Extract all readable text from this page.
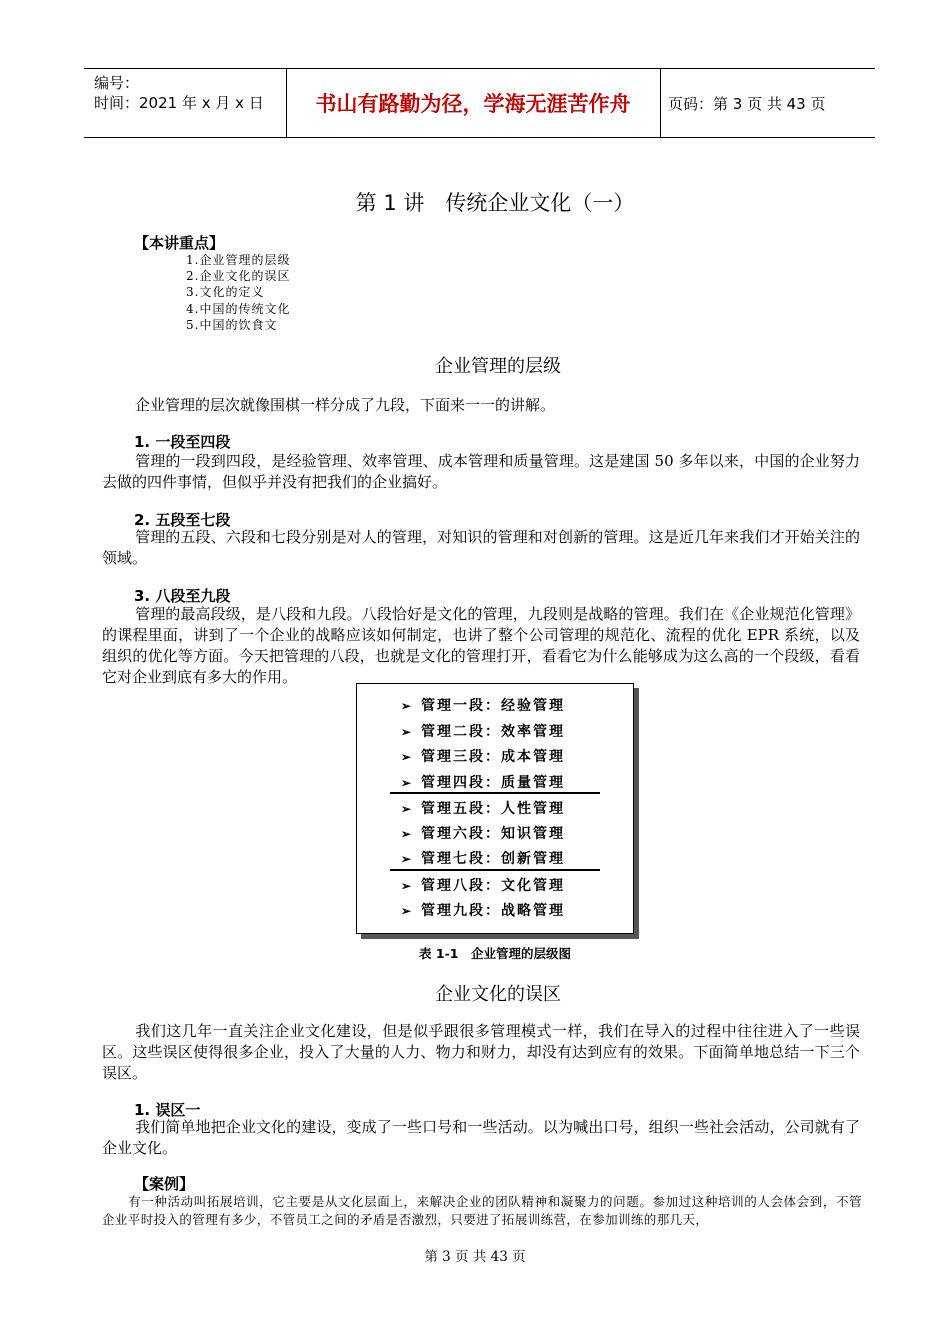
编号：
时间：2021 年 x 月 x 日	书山有路勤为径，学海无涯苦作舟	页码：第 3 页 共 43 页
第 1 讲　传统企业文化（一）
【本讲重点】
1.企业管理的层级
2.企业文化的误区
3.文化的定义
4.中国的传统文化
5.中国的饮食文
企业管理的层级
企业管理的层次就像围棋一样分成了九段，下面来一一的讲解。
1. 一段至四段
管理的一段到四段，是经验管理、效率管理、成本管理和质量管理。这是建国 50 多年以来，中国的企业努力去做的四件事情，但似乎并没有把我们的企业搞好。
2. 五段至七段
管理的五段、六段和七段分别是对人的管理，对知识的管理和对创新的管理。这是近几年来我们才开始关注的领域。
3. 八段至九段
管理的最高段级，是八段和九段。八段恰好是文化的管理，九段则是战略的管理。我们在《企业规范化管理》的课程里面，讲到了一个企业的战略应该如何制定，也讲了整个公司管理的规范化、流程的优化 EPR 系统，以及组织的优化等方面。今天把管理的八段，也就是文化的管理打开，看看它为什么能够成为这么高的一个段级，看看它对企业到底有多大的作用。
➢ 管理一段：经验管理
➢ 管理二段：效率管理
➢ 管理三段：成本管理
➢ 管理四段：质量管理
➢ 管理五段：人性管理
➢ 管理六段：知识管理
➢ 管理七段：创新管理
➢ 管理八段：文化管理
➢ 管理九段：战略管理
表 1-1　企业管理的层级图
企业文化的误区
我们这几年一直关注企业文化建设，但是似乎跟很多管理模式一样，我们在导入的过程中往往进入了一些误区。这些误区使得很多企业，投入了大量的人力、物力和财力，却没有达到应有的效果。下面简单地总结一下三个误区。
1. 误区一
我们简单地把企业文化的建设，变成了一些口号和一些活动。以为喊出口号，组织一些社会活动，公司就有了企业文化。
【案例】
有一种活动叫拓展培训，它主要是从文化层面上，来解决企业的团队精神和凝聚力的问题。参加过这种培训的人会体会到，不管企业平时投入的管理有多少，不管员工之间的矛盾是否激烈，只要进了拓展训练营，在参加训练的那几天，
第 3 页 共 43 页
